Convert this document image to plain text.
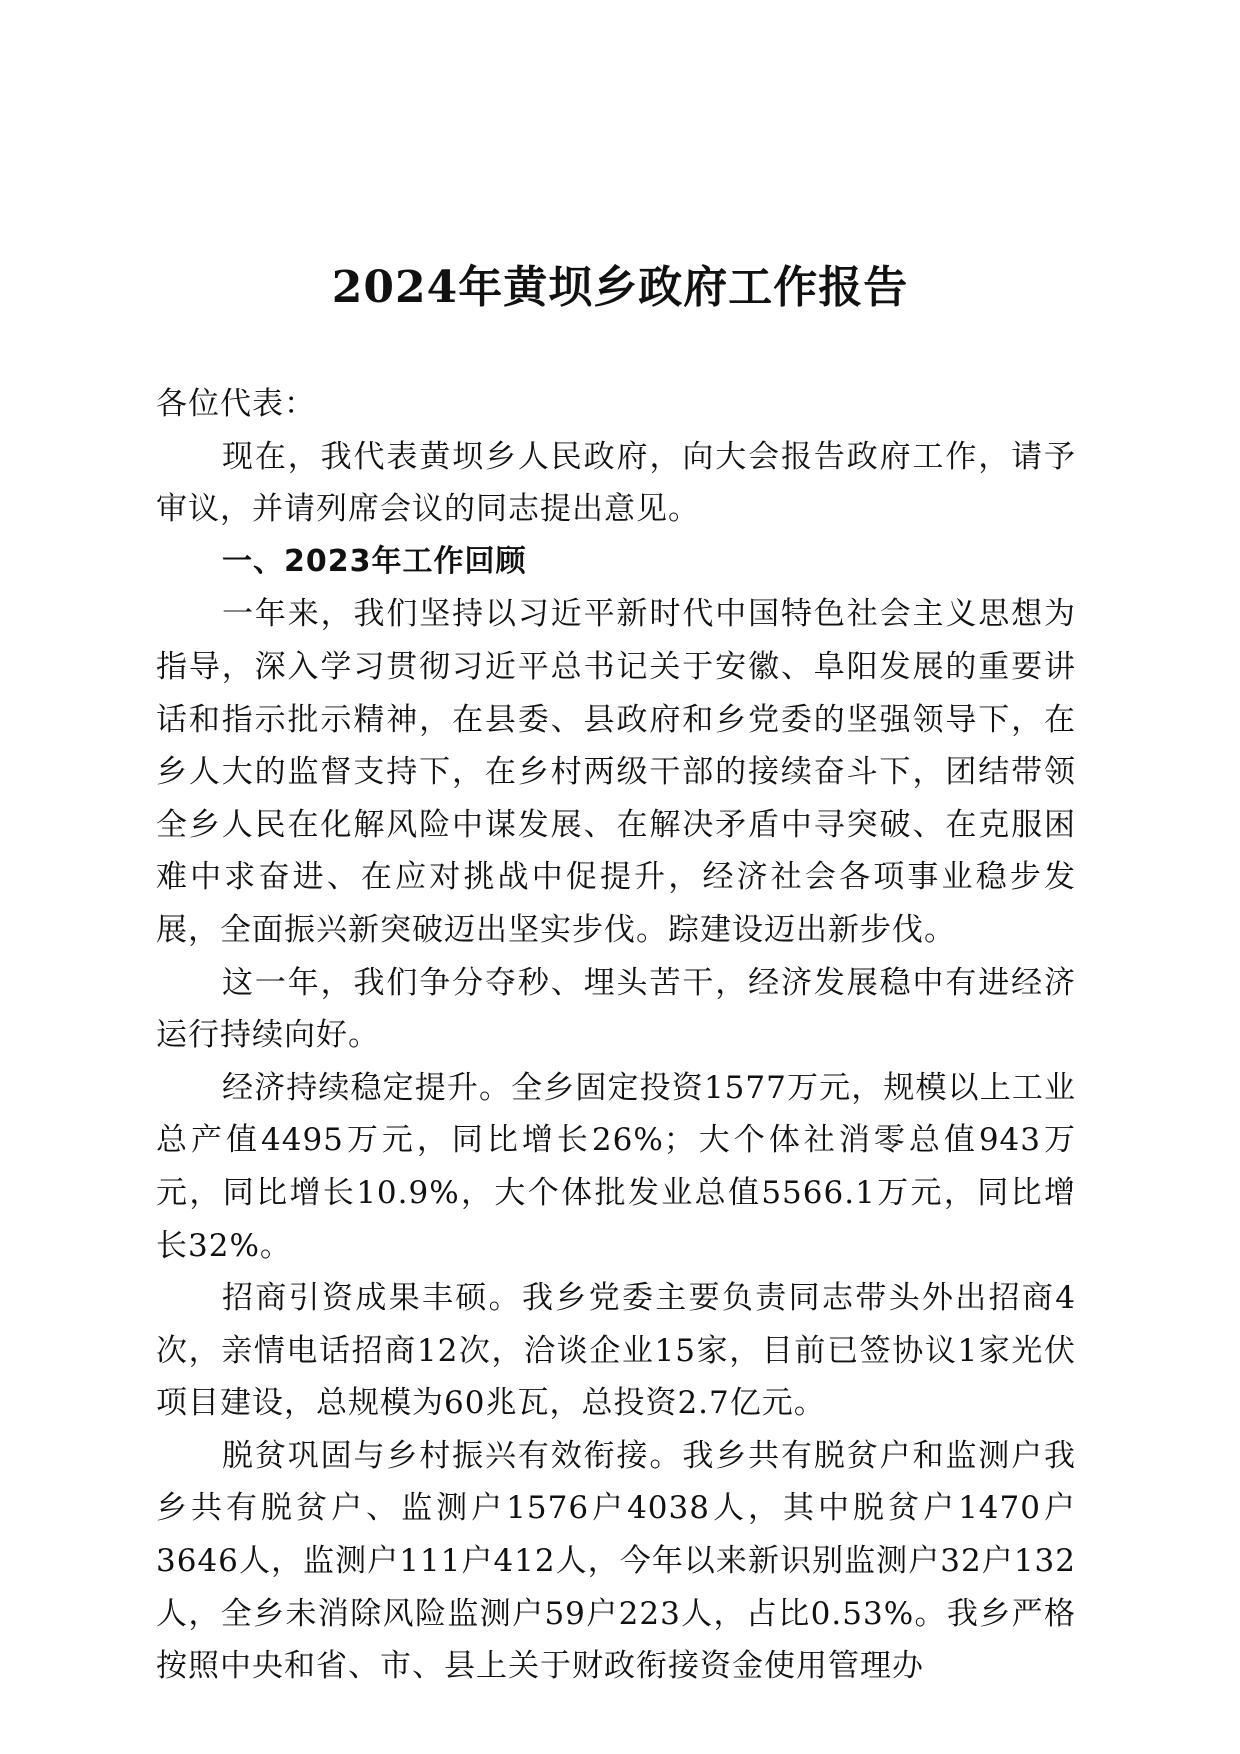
2024年黄坝乡政府工作报告

各位代表：

现在，我代表黄坝乡人民政府，向大会报告政府工作，请予审议，并请列席会议的同志提出意见。

一、2023年工作回顾

一年来，我们坚持以习近平新时代中国特色社会主义思想为指导，深入学习贯彻习近平总书记关于安徽、阜阳发展的重要讲话和指示批示精神，在县委、县政府和乡党委的坚强领导下，在乡人大的监督支持下，在乡村两级干部的接续奋斗下，团结带领全乡人民在化解风险中谋发展、在解决矛盾中寻突破、在克服困难中求奋进、在应对挑战中促提升，经济社会各项事业稳步发展，全面振兴新突破迈出坚实步伐。踪建设迈出新步伐。

这一年，我们争分夺秒、埋头苦干，经济发展稳中有进经济运行持续向好。

经济持续稳定提升。全乡固定投资1577万元，规模以上工业总产值4495万元，同比增长26%；大个体社消零总值943万元，同比增长10.9%，大个体批发业总值5566.1万元，同比增长32%。

招商引资成果丰硕。我乡党委主要负责同志带头外出招商4次，亲情电话招商12次，洽谈企业15家，目前已签协议1家光伏项目建设，总规模为60兆瓦，总投资2.7亿元。

脱贫巩固与乡村振兴有效衔接。我乡共有脱贫户和监测户我乡共有脱贫户、监测户1576户4038人，其中脱贫户1470户3646人，监测户111户412人，今年以来新识别监测户32户132人，全乡未消除风险监测户59户223人，占比0.53%。我乡严格按照中央和省、市、县上关于财政衔接资金使用管理办
